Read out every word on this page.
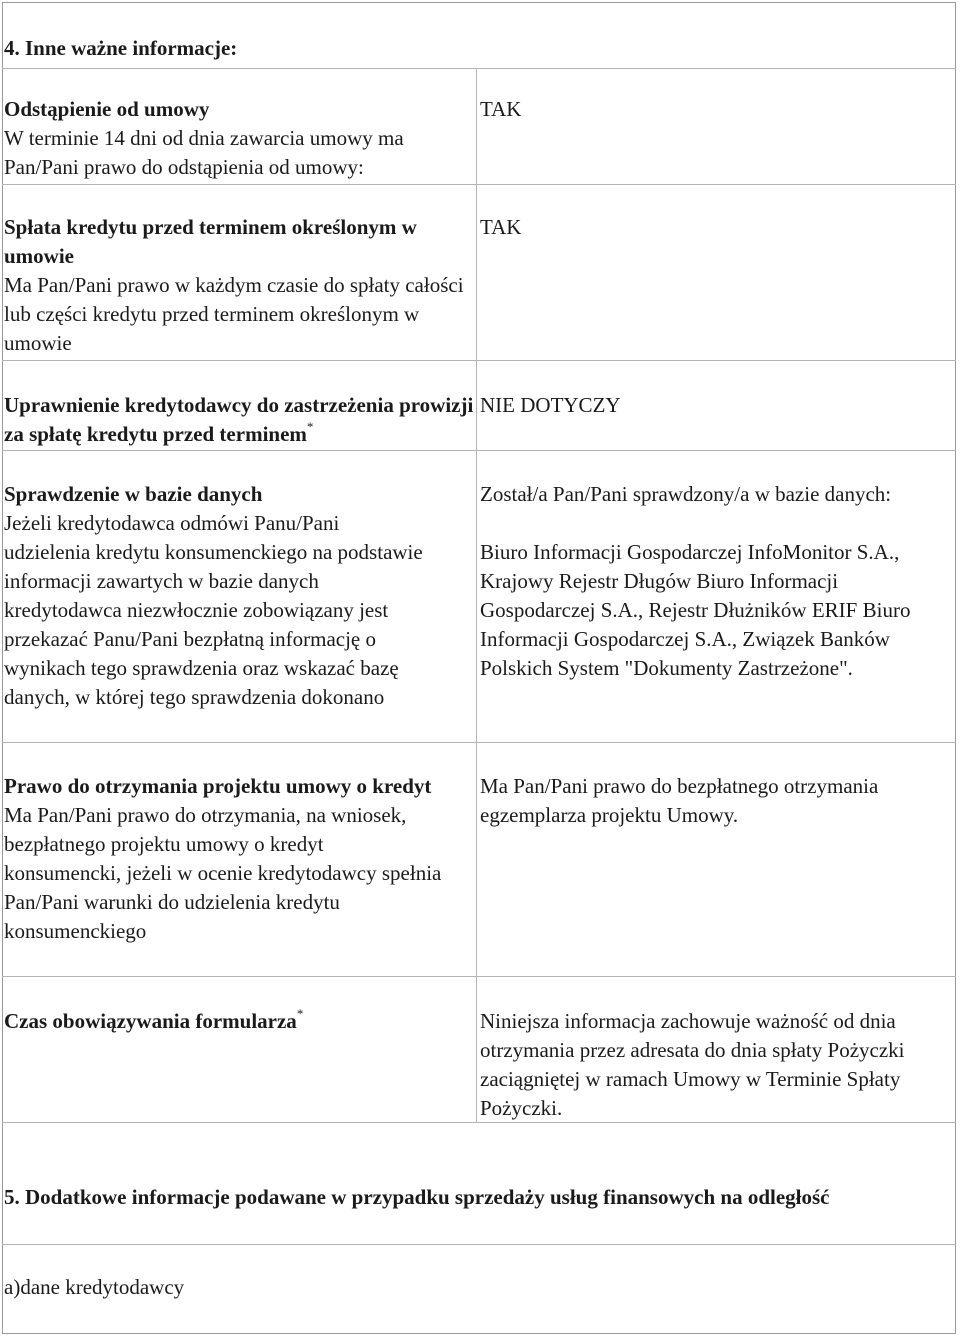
4. Inne ważne informacje:

Odstąpienie od umowy

W terminie 14 dni od dnia zawarcia umowy ma Pan/Pani prawo do odstąpienia od umowy:

TAK

Spłata kredytu przed terminem określonym w umowie

Ma Pan/Pani prawo w każdym czasie do spłaty całości lub części kredytu przed terminem określonym w umowie

TAK

Uprawnienie kredytodawcy do zastrzeżenia prowizji za spłatę kredytu przed terminem*

NIE DOTYCZY

Sprawdzenie w bazie danych

Jeżeli kredytodawca odmówi Panu/Pani udzielenia kredytu konsumenckiego na podstawie informacji zawartych w bazie danych kredytodawca niezwłocznie zobowiązany jest przekazać Panu/Pani bezpłatną informację o wynikach tego sprawdzenia oraz wskazać bazę danych, w której tego sprawdzenia dokonano

Został/a Pan/Pani sprawdzony/a w bazie danych:

Biuro Informacji Gospodarczej InfoMonitor S.A., Krajowy Rejestr Długów Biuro Informacji Gospodarczej S.A., Rejestr Dłużników ERIF Biuro Informacji Gospodarczej S.A., Związek Banków Polskich System "Dokumenty Zastrzeżone".

Prawo do otrzymania projektu umowy o kredyt

Ma Pan/Pani prawo do otrzymania, na wniosek, bezpłatnego projektu umowy o kredyt konsumencki, jeżeli w ocenie kredytodawcy spełnia Pan/Pani warunki do udzielenia kredytu konsumenckiego

Ma Pan/Pani prawo do bezpłatnego otrzymania egzemplarza projektu Umowy.

Czas obowiązywania formularza*	Niniejsza informacja zachowuje ważność od dnia otrzymania przez adresata do dnia spłaty Pożyczki zaciągniętej w ramach Umowy w Terminie Spłaty Pożyczki.
5. Dodatkowe informacje podawane w przypadku sprzedaży usług finansowych na odległość
a)dane kredytodawcy
